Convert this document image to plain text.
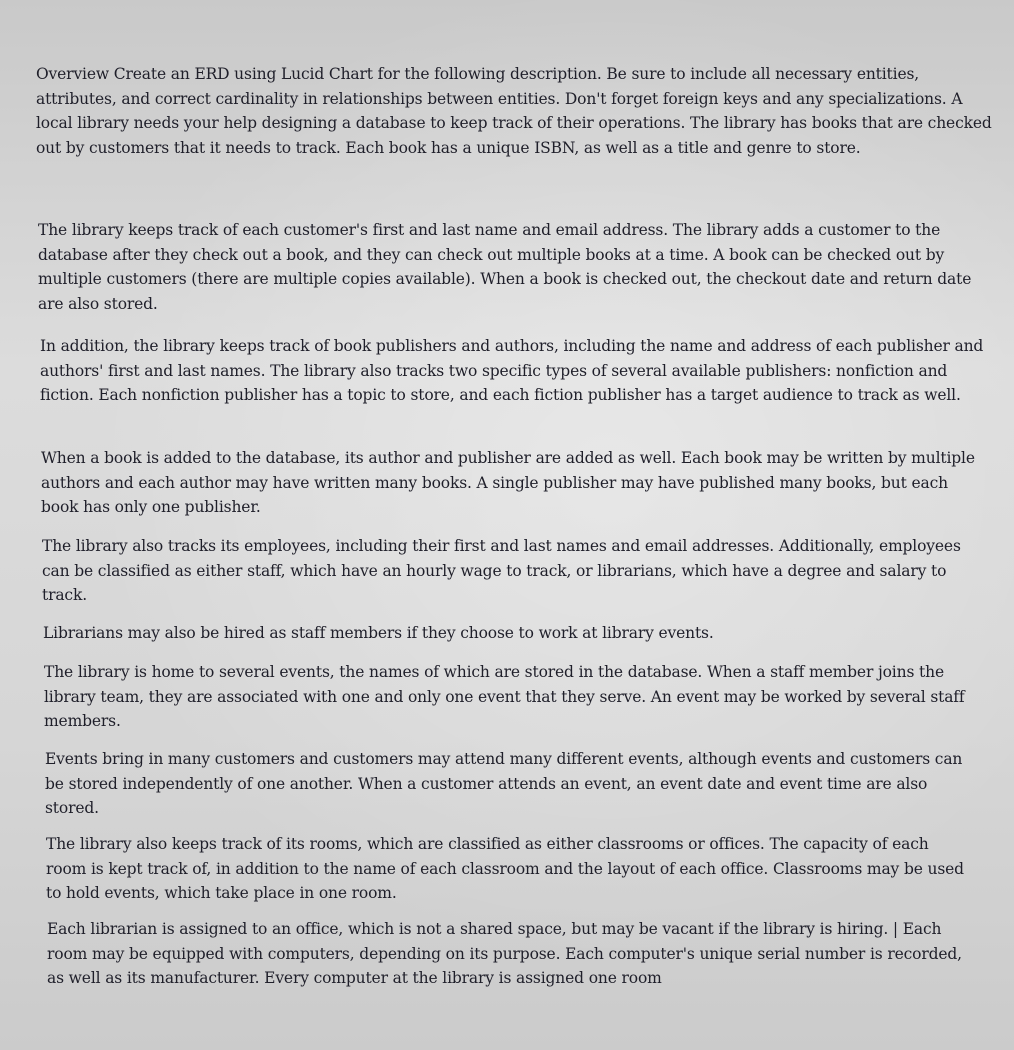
Overview Create an ERD using Lucid Chart for the following description. Be sure to include all necessary entities, attributes, and correct cardinality in relationships between entities. Don't forget foreign keys and any specializations. A local library needs your help designing a database to keep track of their operations. The library has books that are checked out by customers that it needs to track. Each book has a unique ISBN, as well as a title and genre to store.

The library keeps track of each customer's first and last name and email address. The library adds a customer to the database after they check out a book, and they can check out multiple books at a time. A book can be checked out by multiple customers (there are multiple copies available). When a book is checked out, the checkout date and return date are also stored.

In addition, the library keeps track of book publishers and authors, including the name and address of each publisher and authors' first and last names. The library also tracks two specific types of several available publishers: nonfiction and fiction. Each nonfiction publisher has a topic to store, and each fiction publisher has a target audience to track as well.

When a book is added to the database, its author and publisher are added as well. Each book may be written by multiple authors and each author may have written many books. A single publisher may have published many books, but each book has only one publisher.

The library also tracks its employees, including their first and last names and email addresses. Additionally, employees can be classified as either staff, which have an hourly wage to track, or librarians, which have a degree and salary to track.

Librarians may also be hired as staff members if they choose to work at library events.

The library is home to several events, the names of which are stored in the database. When a staff member joins the library team, they are associated with one and only one event that they serve. An event may be worked by several staff members.

Events bring in many customers and customers may attend many different events, although events and customers can be stored independently of one another. When a customer attends an event, an event date and event time are also stored.

The library also keeps track of its rooms, which are classified as either classrooms or offices. The capacity of each room is kept track of, in addition to the name of each classroom and the layout of each office. Classrooms may be used to hold events, which take place in one room.

Each librarian is assigned to an office, which is not a shared space, but may be vacant if the library is hiring. | Each room may be equipped with computers, depending on its purpose. Each computer's unique serial number is recorded, as well as its manufacturer. Every computer at the library is assigned one room
